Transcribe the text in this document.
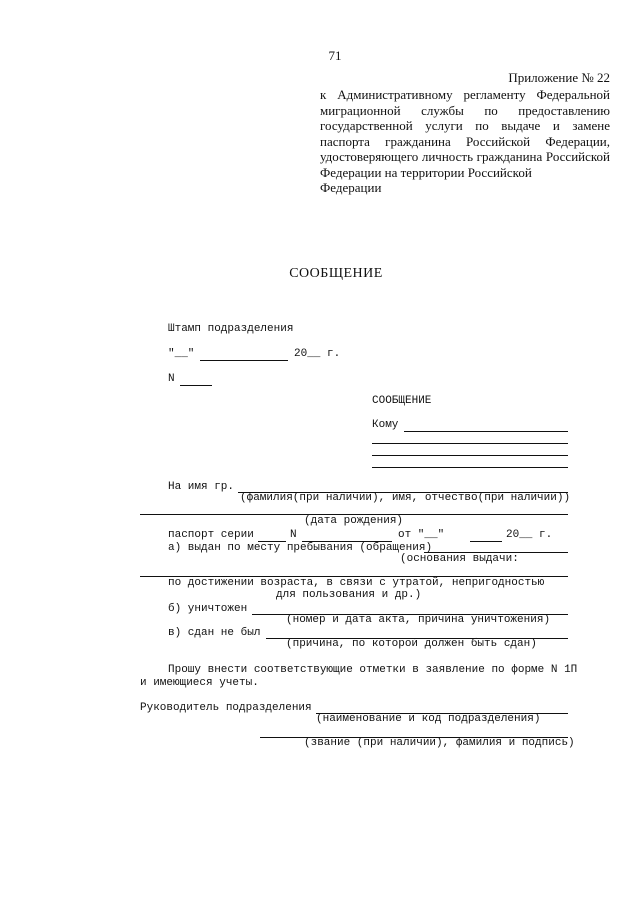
71
Приложение № 22
к Административному регламенту Федеральной миграционной службы по предоставлению государственной услуги по выдаче и замене паспорта гражданина Российской Федерации, удостоверяющего личность гражданина Российской Федерации на территории Российской
Федерации
СООБЩЕНИЕ
Штамп подразделения
"__"	20__ г.
N
СООБЩЕНИЕ
Кому
На имя гр.
(фамилия(при наличии), имя, отчество(при наличии))
(дата рождения)
паспорт серии	N	от "__"	20__ г.
а) выдан по месту пребывания (обращения)
(основания выдачи:
по достижении возраста, в связи с утратой, непригодностью
для пользования и др.)
б) уничтожен
(номер и дата акта, причина уничтожения)
в) сдан не был
(причина, по которой должен быть сдан)
Прошу внести соответствующие отметки в заявление по форме N 1П
и имеющиеся учеты.
Руководитель подразделения
(наименование и код подразделения)
(звание (при наличии), фамилия и подпись)
